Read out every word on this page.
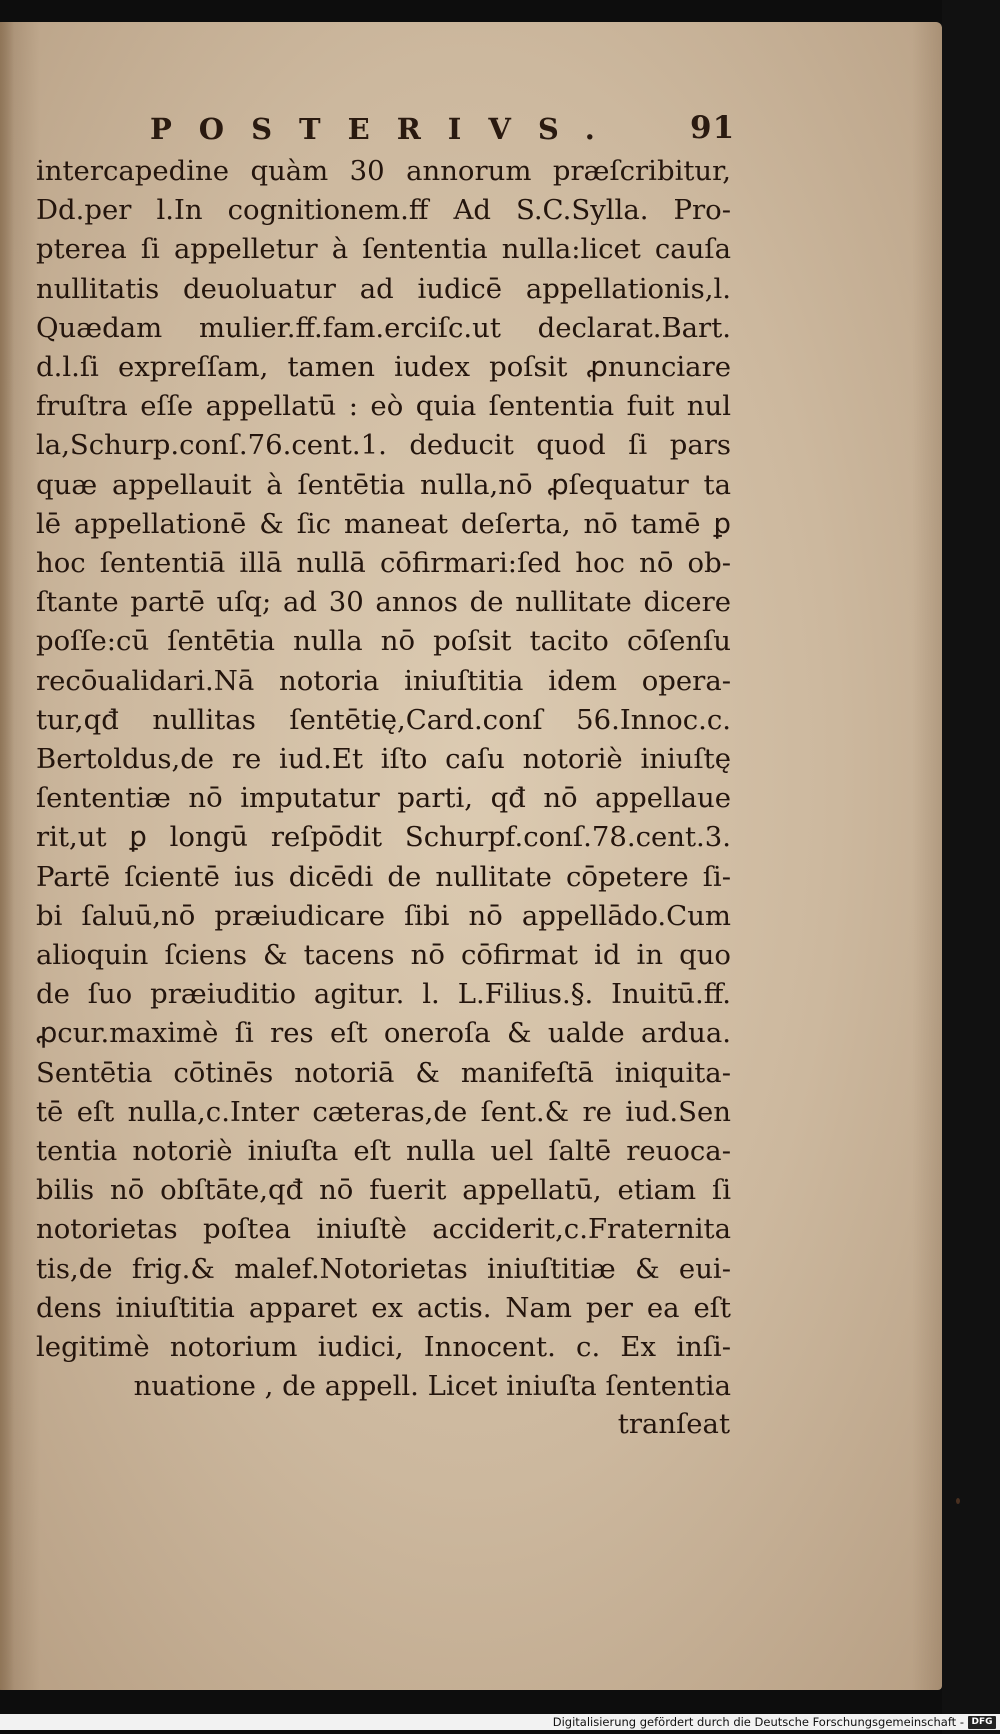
POSTERIVS. 91
intercapedine quàm 30 annorum præſcribitur,
Dd.per l.In cognitionem.ff Ad S.C.Sylla. Pro-
pterea ſi appelletur à ſententia nulla:licet cauſa
nullitatis deuoluatur ad iudicē appellationis,l.
Quædam mulier.ff.fam.erciſc.ut declarat.Bart.
d.l.ſi expreſſam, tamen iudex poſsit ꝓnunciare
fruſtra eſſe appellatū : eò quia ſententia fuit nul
la,Schurp.conſ.76.cent.1. deducit quod ſi pars
quæ appellauit à ſentētia nulla,nō ꝓſequatur ta
lē appellationē & ſic maneat deſerta, nō tamē ꝑ
hoc ſententiā illā nullā cōfirmari:ſed hoc nō ob-
ſtante partē uſq; ad 30 annos de nullitate dicere
poſſe:cū ſentētia nulla nō poſsit tacito cōſenſu
recōualidari.Nā notoria iniuſtitia idem opera-
tur,qđ nullitas ſentētię,Card.conſ 56.Innoc.c.
Bertoldus,de re iud.Et iſto caſu notoriè iniuſtę
ſententiæ nō imputatur parti, qđ nō appellaue
rit,ut ꝑ longū reſpōdit Schurpf.conſ.78.cent.3.
Partē ſcientē ius dicēdi de nullitate cōpetere ſi-
bi ſaluū,nō præiudicare ſibi nō appellādo.Cum
alioquin ſciens & tacens nō cōfirmat id in quo
de ſuo præiuditio agitur. l. L.Filius.§. Inuitū.ff.
ꝓcur.maximè ſi res eſt oneroſa & ualde ardua.
Sentētia cōtinēs notoriā & manifeſtā iniquita-
tē eſt nulla,c.Inter cæteras,de ſent.& re iud.Sen
tentia notoriè iniuſta eſt nulla uel ſaltē reuoca-
bilis nō obſtāte,qđ nō fuerit appellatū, etiam ſi
notorietas poſtea iniuſtè acciderit,c.Fraternita
tis,de frig.& malef.Notorietas iniuſtitiæ & eui-
dens iniuſtitia apparet ex actis. Nam per ea eſt
legitimè notorium iudici, Innocent. c. Ex inſi-
nuatione , de appell. Licet iniuſta ſententia
tranſeat
Digitalisierung gefördert durch die Deutsche Forschungsgemeinschaft - DFG
